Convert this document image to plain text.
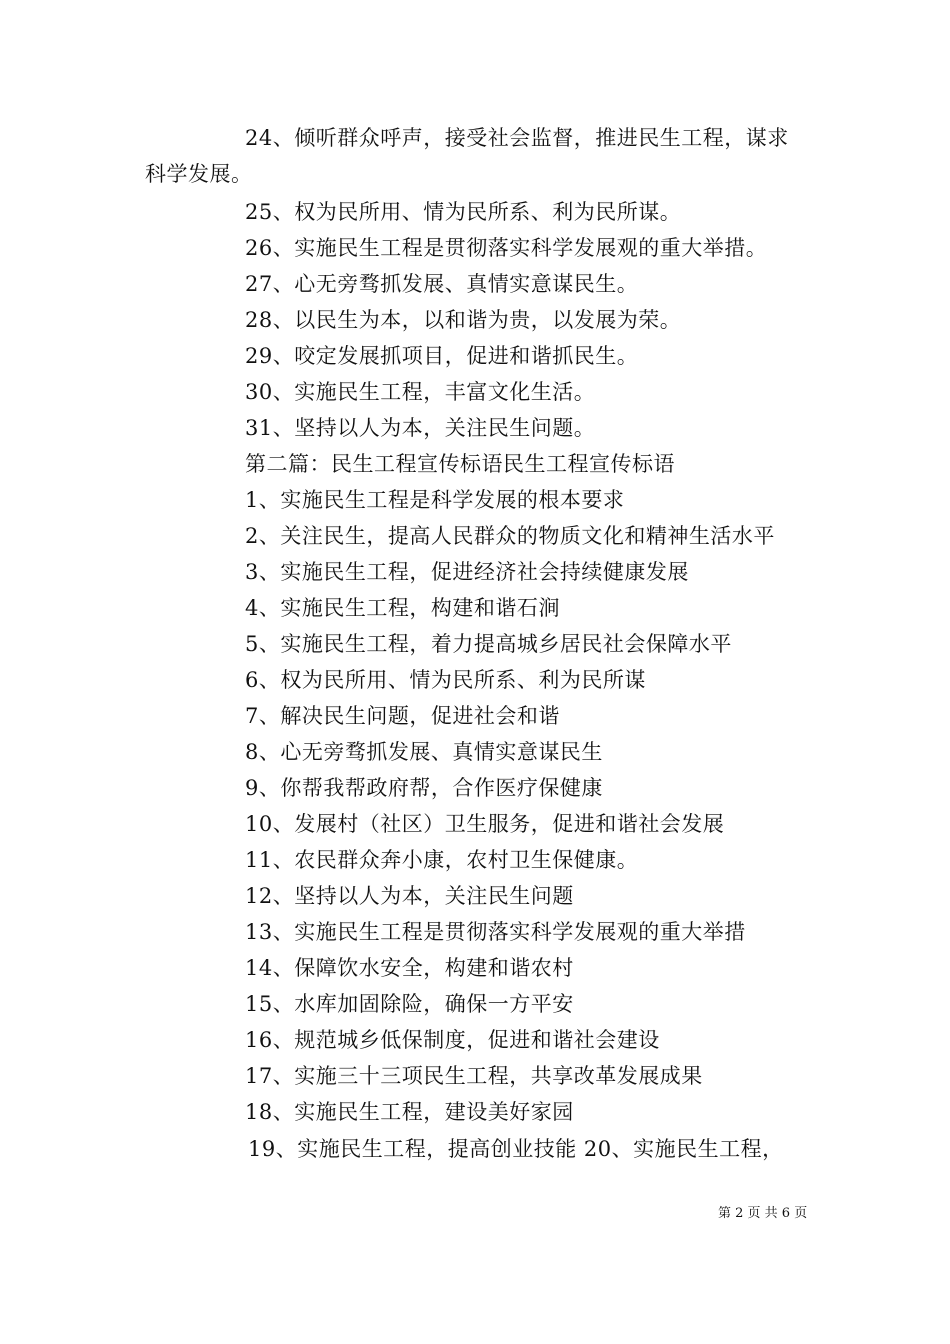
24、倾听群众呼声，接受社会监督，推进民生工程，谋求
科学发展。
25、权为民所用、情为民所系、利为民所谋。
26、实施民生工程是贯彻落实科学发展观的重大举措。
27、心无旁骛抓发展、真情实意谋民生。
28、以民生为本，以和谐为贵，以发展为荣。
29、咬定发展抓项目，促进和谐抓民生。
30、实施民生工程，丰富文化生活。
31、坚持以人为本，关注民生问题。
第二篇：民生工程宣传标语民生工程宣传标语
1、实施民生工程是科学发展的根本要求
2、关注民生，提高人民群众的物质文化和精神生活水平
3、实施民生工程，促进经济社会持续健康发展
4、实施民生工程，构建和谐石涧
5、实施民生工程，着力提高城乡居民社会保障水平
6、权为民所用、情为民所系、利为民所谋
7、解决民生问题，促进社会和谐
8、心无旁骛抓发展、真情实意谋民生
9、你帮我帮政府帮，合作医疗保健康
10、发展村（社区）卫生服务，促进和谐社会发展
11、农民群众奔小康，农村卫生保健康。
12、坚持以人为本，关注民生问题
13、实施民生工程是贯彻落实科学发展观的重大举措
14、保障饮水安全，构建和谐农村
15、水库加固除险，确保一方平安
16、规范城乡低保制度，促进和谐社会建设
17、实施三十三项民生工程，共享改革发展成果
18、实施民生工程，建设美好家园
19、实施民生工程，提高创业技能 20、实施民生工程，
第 2 页 共 6 页
